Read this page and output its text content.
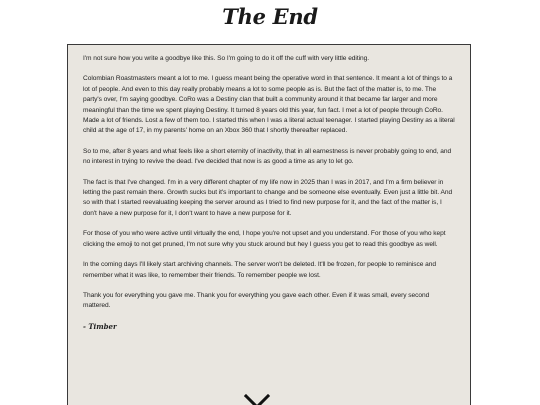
The End

I'm not sure how you write a goodbye like this. So I'm going to do it off the cuff with very little editing.

Colombian Roastmasters meant a lot to me. I guess meant being the operative word in that sentence. It meant a lot of things to a lot of people. And even to this day really probably means a lot to some people as is. But the fact of the matter is, to me. The party's over, I'm saying goodbye. CoRo was a Destiny clan that built a community around it that became far larger and more meaningful than the time we spent playing Destiny. It turned 8 years old this year, fun fact. I met a lot of people through CoRo. Made a lot of friends. Lost a few of them too. I started this when I was a literal actual teenager. I started playing Destiny as a literal child at the age of 17, in my parents' home on an Xbox 360 that I shortly thereafter replaced.

So to me, after 8 years and what feels like a short eternity of inactivity, that in all earnestness is never probably going to end, and no interest in trying to revive the dead. I've decided that now is as good a time as any to let go.

The fact is that I've changed. I'm in a very different chapter of my life now in 2025 than I was in 2017, and I'm a firm believer in letting the past remain there. Growth sucks but it's important to change and be someone else eventually. Even just a little bit. And so with that I started reevaluating keeping the server around as I tried to find new purpose for it, and the fact of the matter is, I don't have a new purpose for it, I don't want to have a new purpose for it.

For those of you who were active until virtually the end, I hope you're not upset and you understand. For those of you who kept clicking the emoji to not get pruned, I'm not sure why you stuck around but hey I guess you get to read this goodbye as well.

In the coming days I'll likely start archiving channels. The server won't be deleted. It'll be frozen, for people to reminisce and remember what it was like, to remember their friends. To remember people we lost.

Thank you for everything you gave me. Thank you for everything you gave each other. Even if it was small, every second mattered.

- Timber
